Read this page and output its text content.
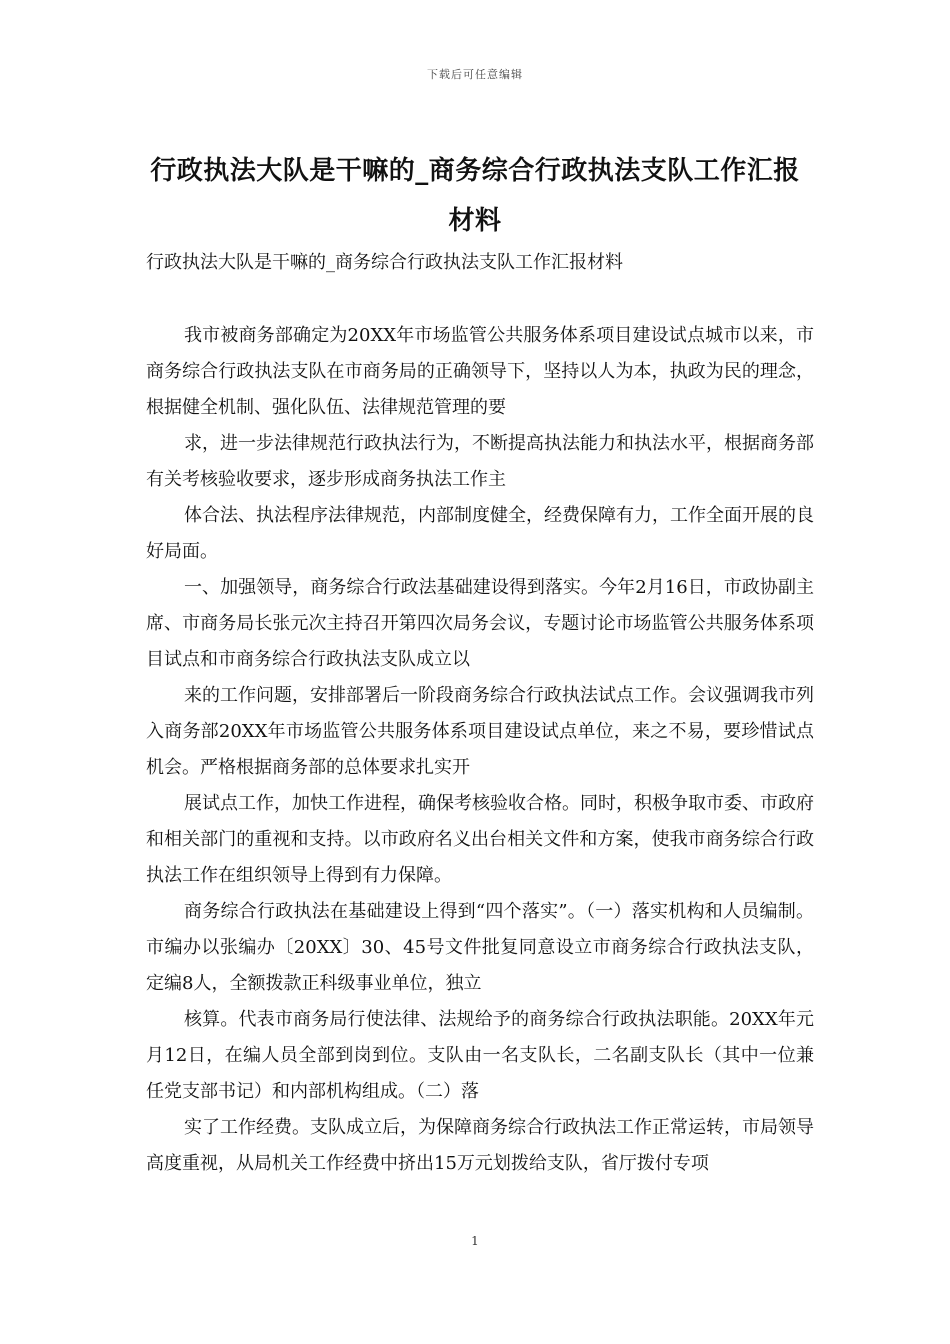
下载后可任意编辑
行政执法大队是干嘛的_商务综合行政执法支队工作汇报材料
行政执法大队是干嘛的_商务综合行政执法支队工作汇报材料

我市被商务部确定为20XX年市场监管公共服务体系项目建设试点城市以来，市商务综合行政执法支队在市商务局的正确领导下，坚持以人为本，执政为民的理念，根据健全机制、强化队伍、法律规范管理的要

求，进一步法律规范行政执法行为，不断提高执法能力和执法水平，根据商务部有关考核验收要求，逐步形成商务执法工作主

体合法、执法程序法律规范，内部制度健全，经费保障有力，工作全面开展的良好局面。

一、加强领导，商务综合行政法基础建设得到落实。今年2月16日，市政协副主席、市商务局长张元次主持召开第四次局务会议，专题讨论市场监管公共服务体系项目试点和市商务综合行政执法支队成立以

来的工作问题，安排部署后一阶段商务综合行政执法试点工作。会议强调我市列入商务部20XX年市场监管公共服务体系项目建设试点单位，来之不易，要珍惜试点机会。严格根据商务部的总体要求扎实开

展试点工作，加快工作进程，确保考核验收合格。同时，积极争取市委、市政府和相关部门的重视和支持。以市政府名义出台相关文件和方案，使我市商务综合行政执法工作在组织领导上得到有力保障。

商务综合行政执法在基础建设上得到“四个落实”。（一）落实机构和人员编制。市编办以张编办〔20XX〕30、45号文件批复同意设立市商务综合行政执法支队，定编8人，全额拨款正科级事业单位，独立

核算。代表市商务局行使法律、法规给予的商务综合行政执法职能。20XX年元月12日，在编人员全部到岗到位。支队由一名支队长，二名副支队长（其中一位兼任党支部书记）和内部机构组成。（二）落

实了工作经费。支队成立后，为保障商务综合行政执法工作正常运转，市局领导高度重视，从局机关工作经费中挤出15万元划拨给支队，省厅拨付专项

1
